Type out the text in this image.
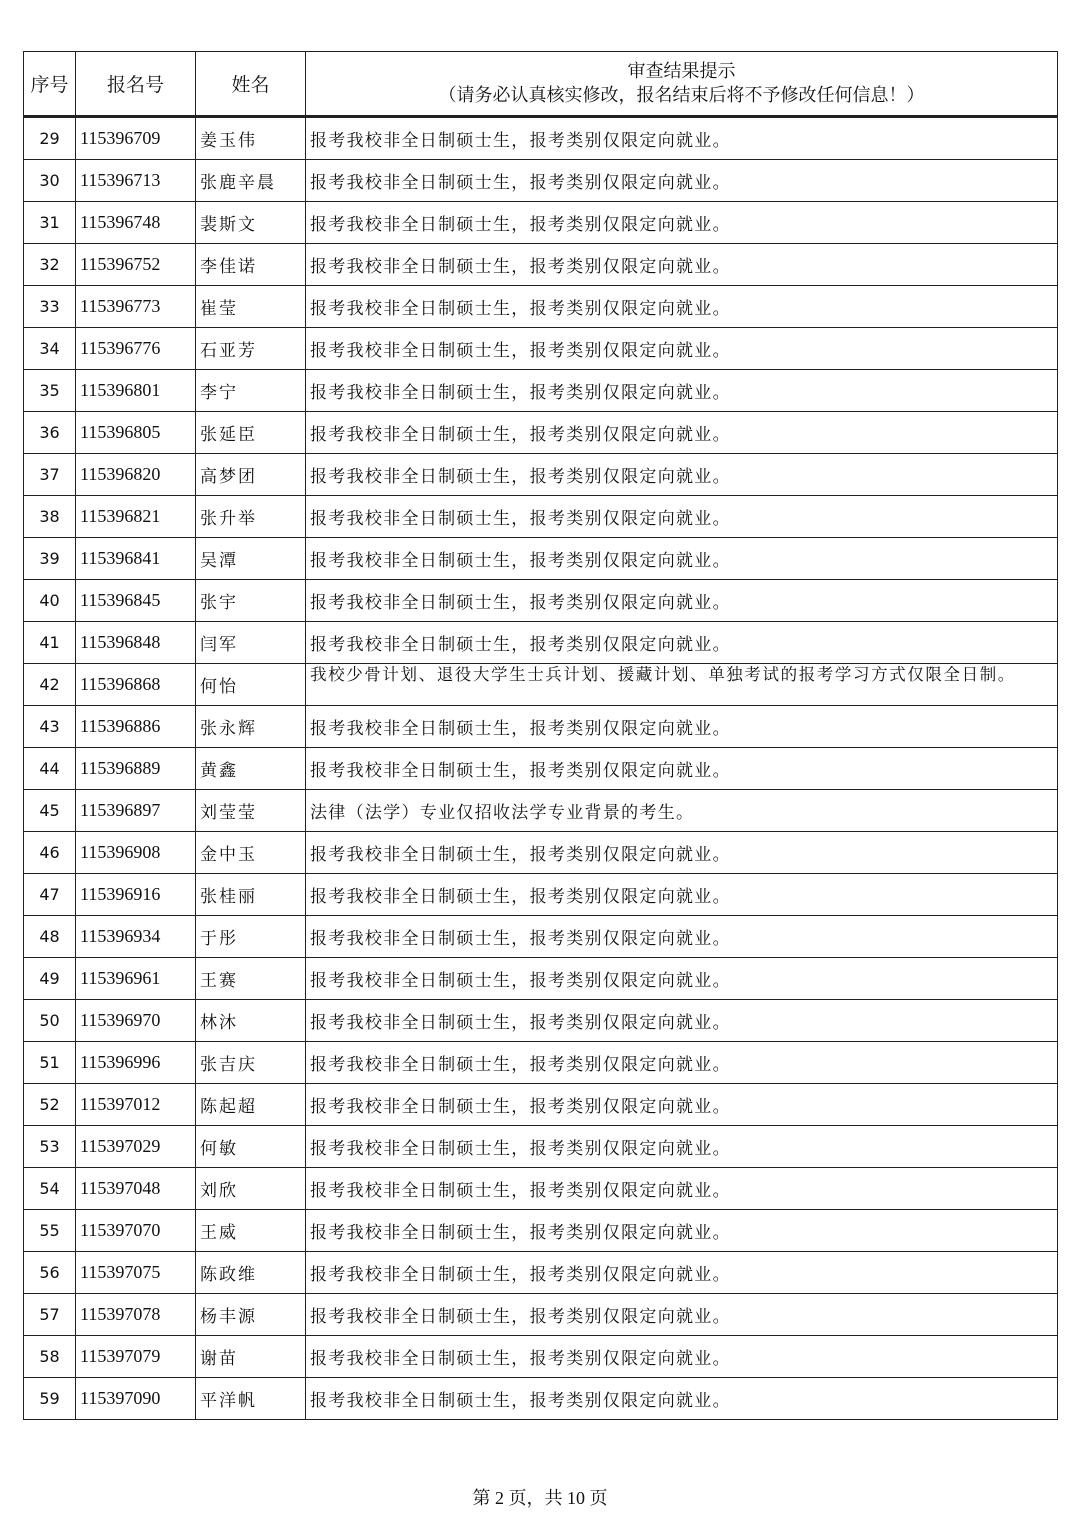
序号	报名号	姓名	审查结果提示
（请务必认真核实修改，报名结束后将不予修改任何信息！）

29	115396709	姜玉伟	报考我校非全日制硕士生，报考类别仅限定向就业。
30	115396713	张鹿辛晨	报考我校非全日制硕士生，报考类别仅限定向就业。
31	115396748	裴斯文	报考我校非全日制硕士生，报考类别仅限定向就业。
32	115396752	李佳诺	报考我校非全日制硕士生，报考类别仅限定向就业。
33	115396773	崔莹	报考我校非全日制硕士生，报考类别仅限定向就业。
34	115396776	石亚芳	报考我校非全日制硕士生，报考类别仅限定向就业。
35	115396801	李宁	报考我校非全日制硕士生，报考类别仅限定向就业。
36	115396805	张延臣	报考我校非全日制硕士生，报考类别仅限定向就业。
37	115396820	高梦团	报考我校非全日制硕士生，报考类别仅限定向就业。
38	115396821	张升举	报考我校非全日制硕士生，报考类别仅限定向就业。
39	115396841	吴潭	报考我校非全日制硕士生，报考类别仅限定向就业。
40	115396845	张宇	报考我校非全日制硕士生，报考类别仅限定向就业。
41	115396848	闫军	报考我校非全日制硕士生，报考类别仅限定向就业。
42	115396868	何怡	我校少骨计划、退役大学生士兵计划、援藏计划、单独考试的报考学习方式仅限全日制。
43	115396886	张永辉	报考我校非全日制硕士生，报考类别仅限定向就业。
44	115396889	黄鑫	报考我校非全日制硕士生，报考类别仅限定向就业。
45	115396897	刘莹莹	法律（法学）专业仅招收法学专业背景的考生。
46	115396908	金中玉	报考我校非全日制硕士生，报考类别仅限定向就业。
47	115396916	张桂丽	报考我校非全日制硕士生，报考类别仅限定向就业。
48	115396934	于彤	报考我校非全日制硕士生，报考类别仅限定向就业。
49	115396961	王赛	报考我校非全日制硕士生，报考类别仅限定向就业。
50	115396970	林沐	报考我校非全日制硕士生，报考类别仅限定向就业。
51	115396996	张吉庆	报考我校非全日制硕士生，报考类别仅限定向就业。
52	115397012	陈起超	报考我校非全日制硕士生，报考类别仅限定向就业。
53	115397029	何敏	报考我校非全日制硕士生，报考类别仅限定向就业。
54	115397048	刘欣	报考我校非全日制硕士生，报考类别仅限定向就业。
55	115397070	王威	报考我校非全日制硕士生，报考类别仅限定向就业。
56	115397075	陈政维	报考我校非全日制硕士生，报考类别仅限定向就业。
57	115397078	杨丰源	报考我校非全日制硕士生，报考类别仅限定向就业。
58	115397079	谢苗	报考我校非全日制硕士生，报考类别仅限定向就业。
59	115397090	平洋帆	报考我校非全日制硕士生，报考类别仅限定向就业。
第 2 页，共 10 页
